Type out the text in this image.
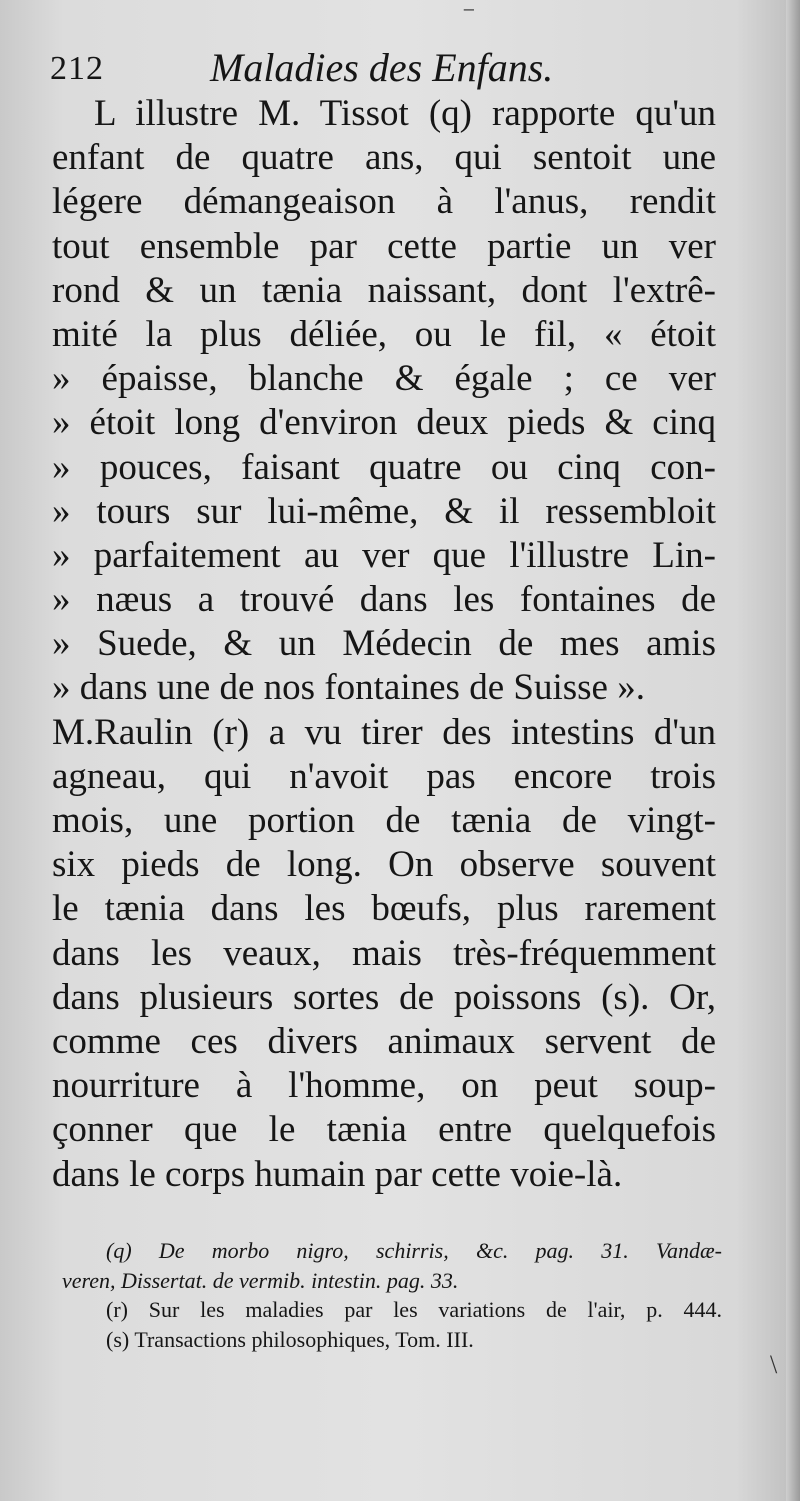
212	Maladies des Enfans.
L illustre M. Tissot (q) rapporte qu'un
enfant de quatre ans, qui sentoit une
légere démangeaison à l'anus, rendit
tout ensemble par cette partie un ver
rond & un tænia naissant, dont l'extrê-
mité la plus déliée, ou le fil, « étoit
» épaisse, blanche & égale ; ce ver
» étoit long d'environ deux pieds & cinq
» pouces, faisant quatre ou cinq con-
» tours sur lui-même, & il ressembloit
» parfaitement au ver que l'illustre Lin-
» næus a trouvé dans les fontaines de
» Suede, & un Médecin de mes amis
» dans une de nos fontaines de Suisse ».
M.Raulin (r) a vu tirer des intestins d'un
agneau, qui n'avoit pas encore trois
mois, une portion de tænia de vingt-
six pieds de long. On observe souvent
le tænia dans les bœufs, plus rarement
dans les veaux, mais très-fréquemment
dans plusieurs sortes de poissons (s). Or,
comme ces divers animaux servent de
nourriture à l'homme, on peut soup-
çonner que le tænia entre quelquefois
dans le corps humain par cette voie-là.
(q) De morbo nigro, schirris, &c. pag. 31. Vandæ-
veren, Dissertat. de vermib. intestin. pag. 33.
(r) Sur les maladies par les variations de l'air, p. 444.
(s) Transactions philosophiques, Tom. III.
⁻
\
